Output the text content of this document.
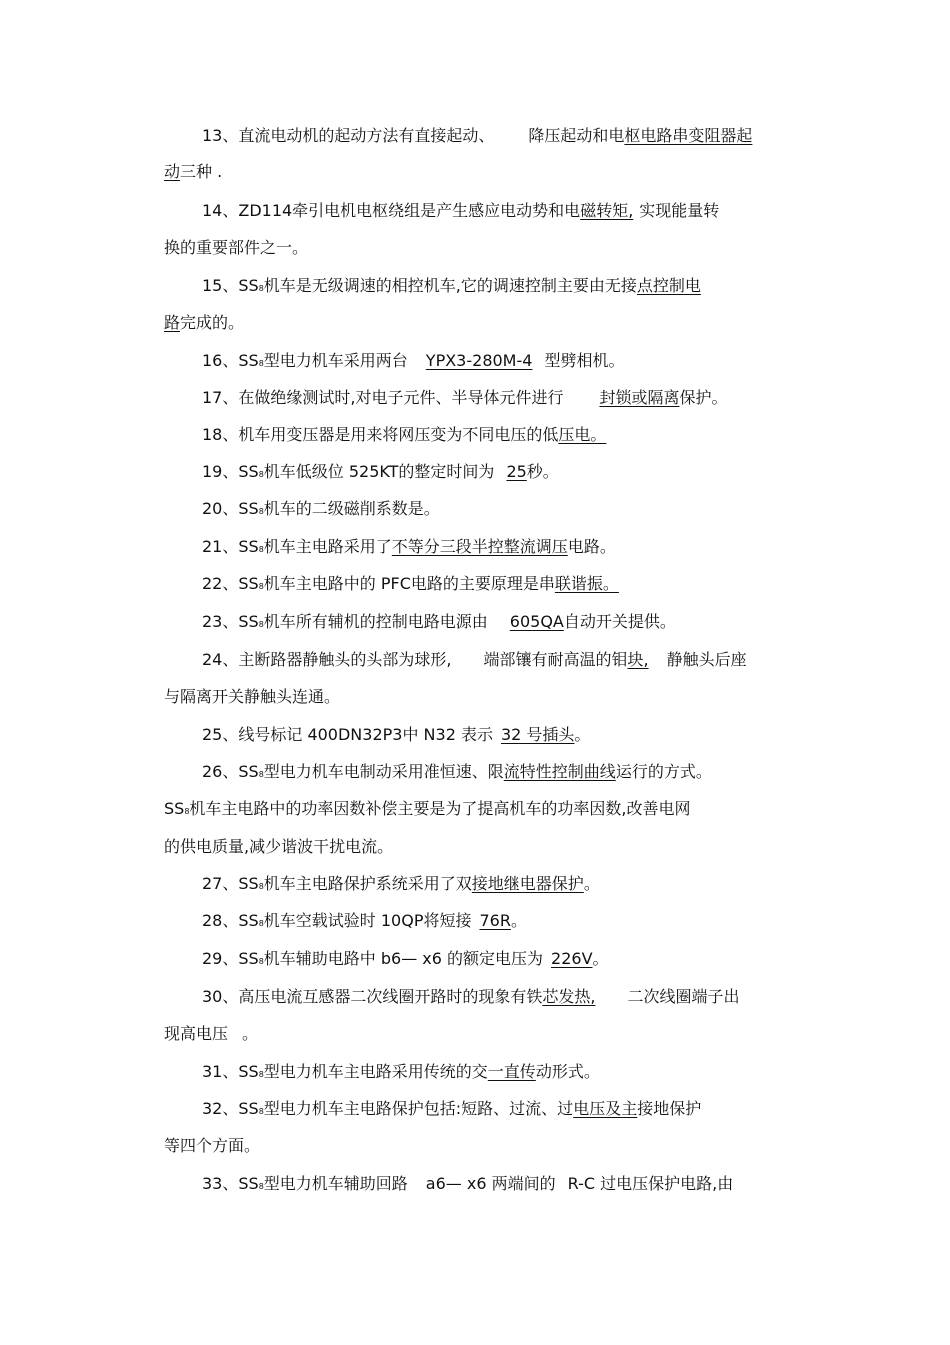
13、直流电动机的起动方法有直接起动、 降压起动和电枢电路串变阻器起
动三种 .
14、ZD114牵引电机电枢绕组是产生感应电动势和电磁转矩, 实现能量转
换的重要部件之一。
15、SS8机车是无级调速的相控机车,它的调速控制主要由无接点控制电
路完成的。
16、SS8型电力机车采用两台 YPX3-280M-4 型劈相机。
17、在做绝缘测试时,对电子元件、半导体元件进行 封锁或隔离保护。
18、机车用变压器是用来将网压变为不同电压的低压电。
19、SS8机车低级位 525KT的整定时间为 25秒。
20、SS8机车的二级磁削系数是。
21、SS8机车主电路采用了不等分三段半控整流调压电路。
22、SS8机车主电路中的 PFC电路的主要原理是串联谐振。
23、SS8机车所有辅机的控制电路电源由 605QA自动开关提供。
24、主断路器静触头的头部为球形, 端部镶有耐高温的钼块, 静触头后座
与隔离开关静触头连通。
25、线号标记 400DN32P3中 N32 表示 32 号插头。
26、SS8型电力机车电制动采用准恒速、限流特性控制曲线运行的方式。
SS8机车主电路中的功率因数补偿主要是为了提高机车的功率因数,改善电网
的供电质量,减少谐波干扰电流。
27、SS8机车主电路保护系统采用了双接地继电器保护。
28、SS8机车空载试验时 10QP将短接 76R。
29、SS8机车辅助电路中 b6— x6 的额定电压为 226V。
30、高压电流互感器二次线圈开路时的现象有铁芯发热, 二次线圈端子出
现高电压 。
31、SS8型电力机车主电路采用传统的交一直传动形式。
32、SS8型电力机车主电路保护包括:短路、过流、过电压及主接地保护
等四个方面。
33、SS8型电力机车辅助回路 a6— x6 两端间的 R-C 过电压保护电路,由
